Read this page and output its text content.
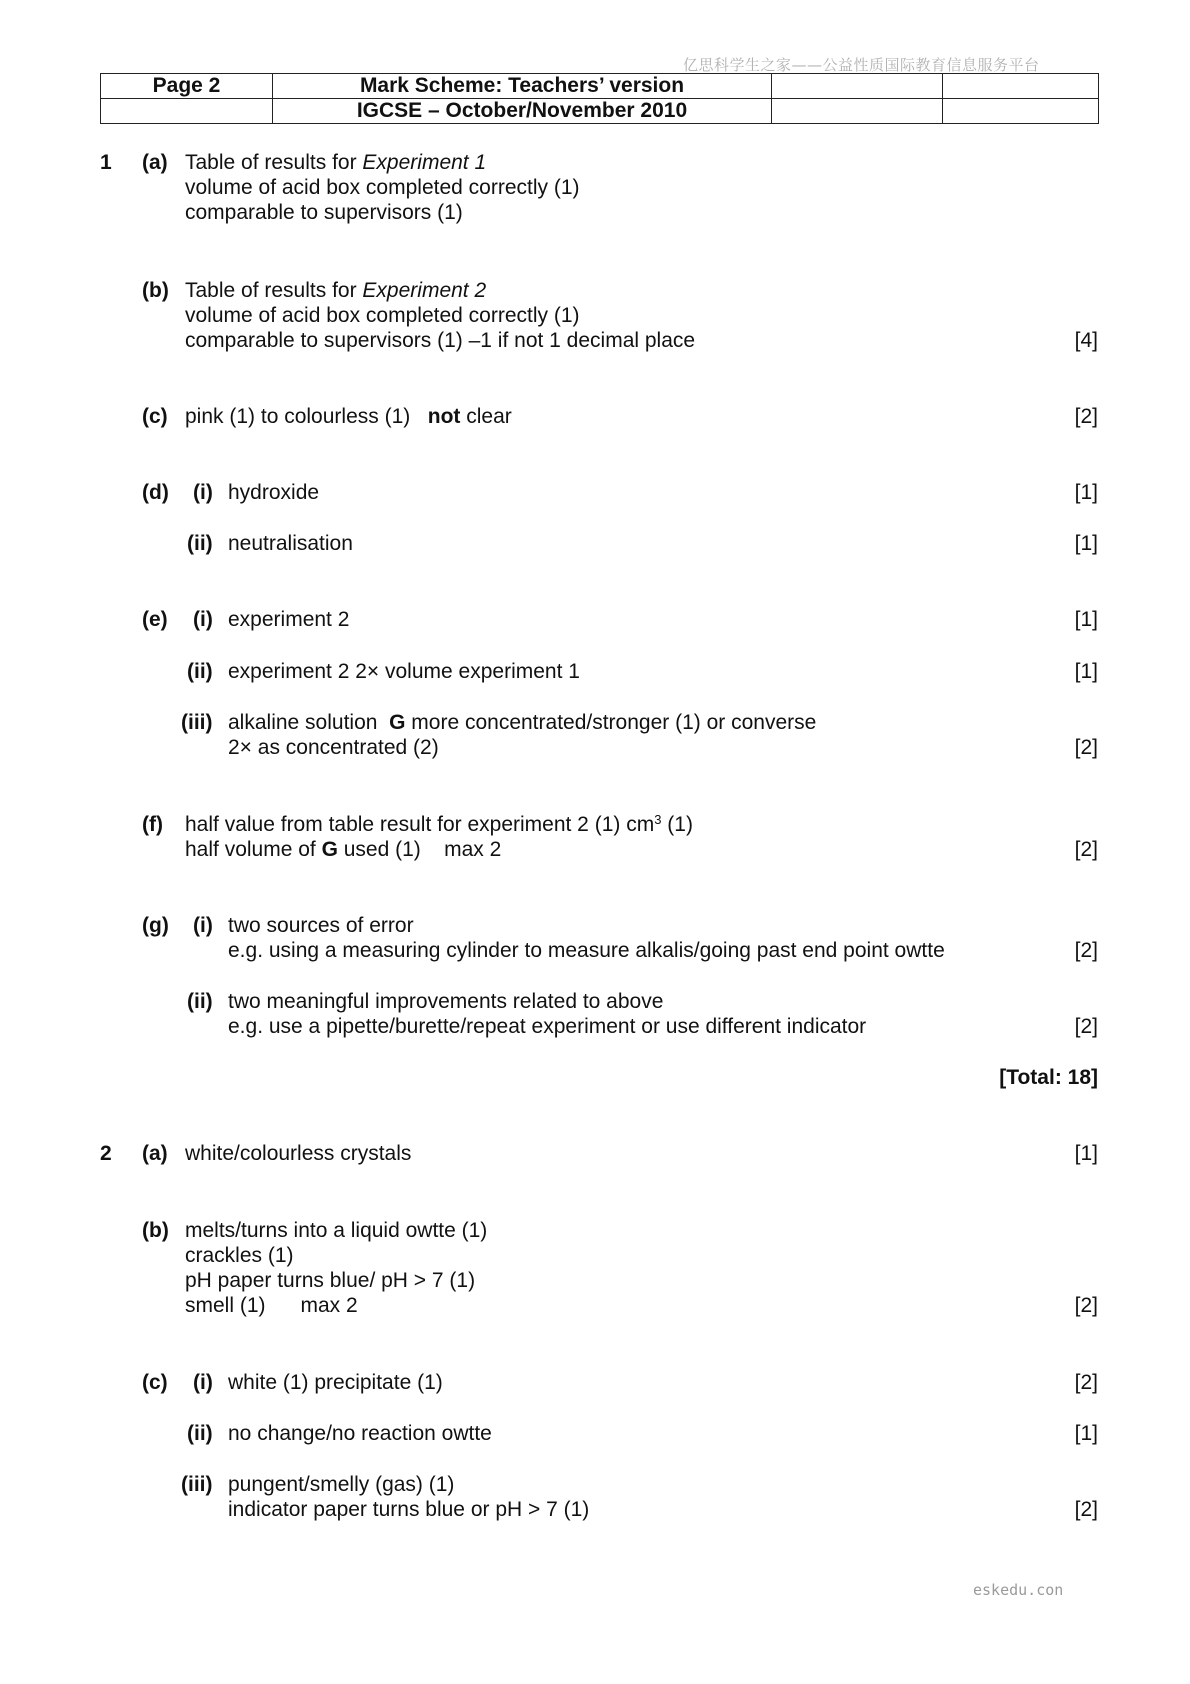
亿思科学生之家——公益性质国际教育信息服务平台
Page 2	Mark Scheme: Teachers’ version		
	IGCSE – October/November 2010		
1 (a) Table of results for Experiment 1
volume of acid box completed correctly (1)
comparable to supervisors (1)
(b) Table of results for Experiment 2
volume of acid box completed correctly (1)
comparable to supervisors (1) –1 if not 1 decimal place	[4]
(c) pink (1) to colourless (1)   not clear	[2]
(d) (i) hydroxide	[1]
(ii) neutralisation	[1]
(e) (i) experiment 2	[1]
(ii) experiment 2 2× volume experiment 1	[1]
(iii) alkaline solution  G more concentrated/stronger (1) or converse
2× as concentrated (2)	[2]
(f) half value from table result for experiment 2 (1) $cm^3$ (1)
half volume of G used (1)    max 2	[2]
(g) (i) two sources of error
e.g. using a measuring cylinder to measure alkalis/going past end point owtte	[2]
(ii) two meaningful improvements related to above
e.g. use a pipette/burette/repeat experiment or use different indicator	[2]
[Total: 18]
2 (a) white/colourless crystals	[1]
(b) melts/turns into a liquid owtte (1)
crackles (1)
pH paper turns blue/ pH > 7 (1)
smell (1)      max 2	[2]
(c) (i) white (1) precipitate (1)	[2]
(ii) no change/no reaction owtte	[1]
(iii) pungent/smelly (gas) (1)
indicator paper turns blue or pH > 7 (1)	[2]
eskedu.con
